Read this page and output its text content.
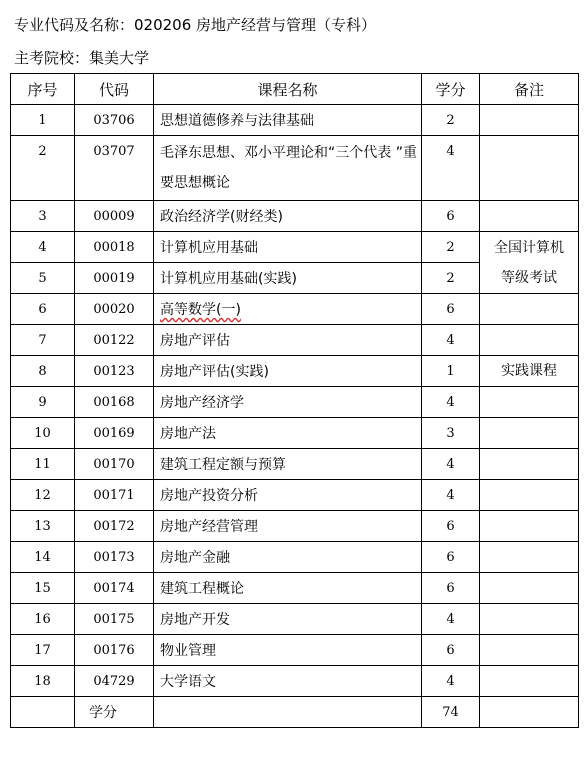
专业代码及名称：020206 房地产经营与管理（专科）
主考院校：集美大学
序号	代码	课程名称	学分	备注
1	03706	思想道德修养与法律基础	2	
2	03707	毛泽东思想、邓小平理论和“三个代表 ”重要思想概论	4	
3	00009	政治经济学(财经类)	6	
4	00018	计算机应用基础	2	全国计算机等级考试
5	00019	计算机应用基础(实践)	2	
6	00020	高等数学(一)	6	
7	00122	房地产评估	4	
8	00123	房地产评估(实践)	1	实践课程
9	00168	房地产经济学	4	
10	00169	房地产法	3	
11	00170	建筑工程定额与预算	4	
12	00171	房地产投资分析	4	
13	00172	房地产经营管理	6	
14	00173	房地产金融	6	
15	00174	建筑工程概论	6	
16	00175	房地产开发	4	
17	00176	物业管理	6	
18	04729	大学语文	4	
	学分		74	
